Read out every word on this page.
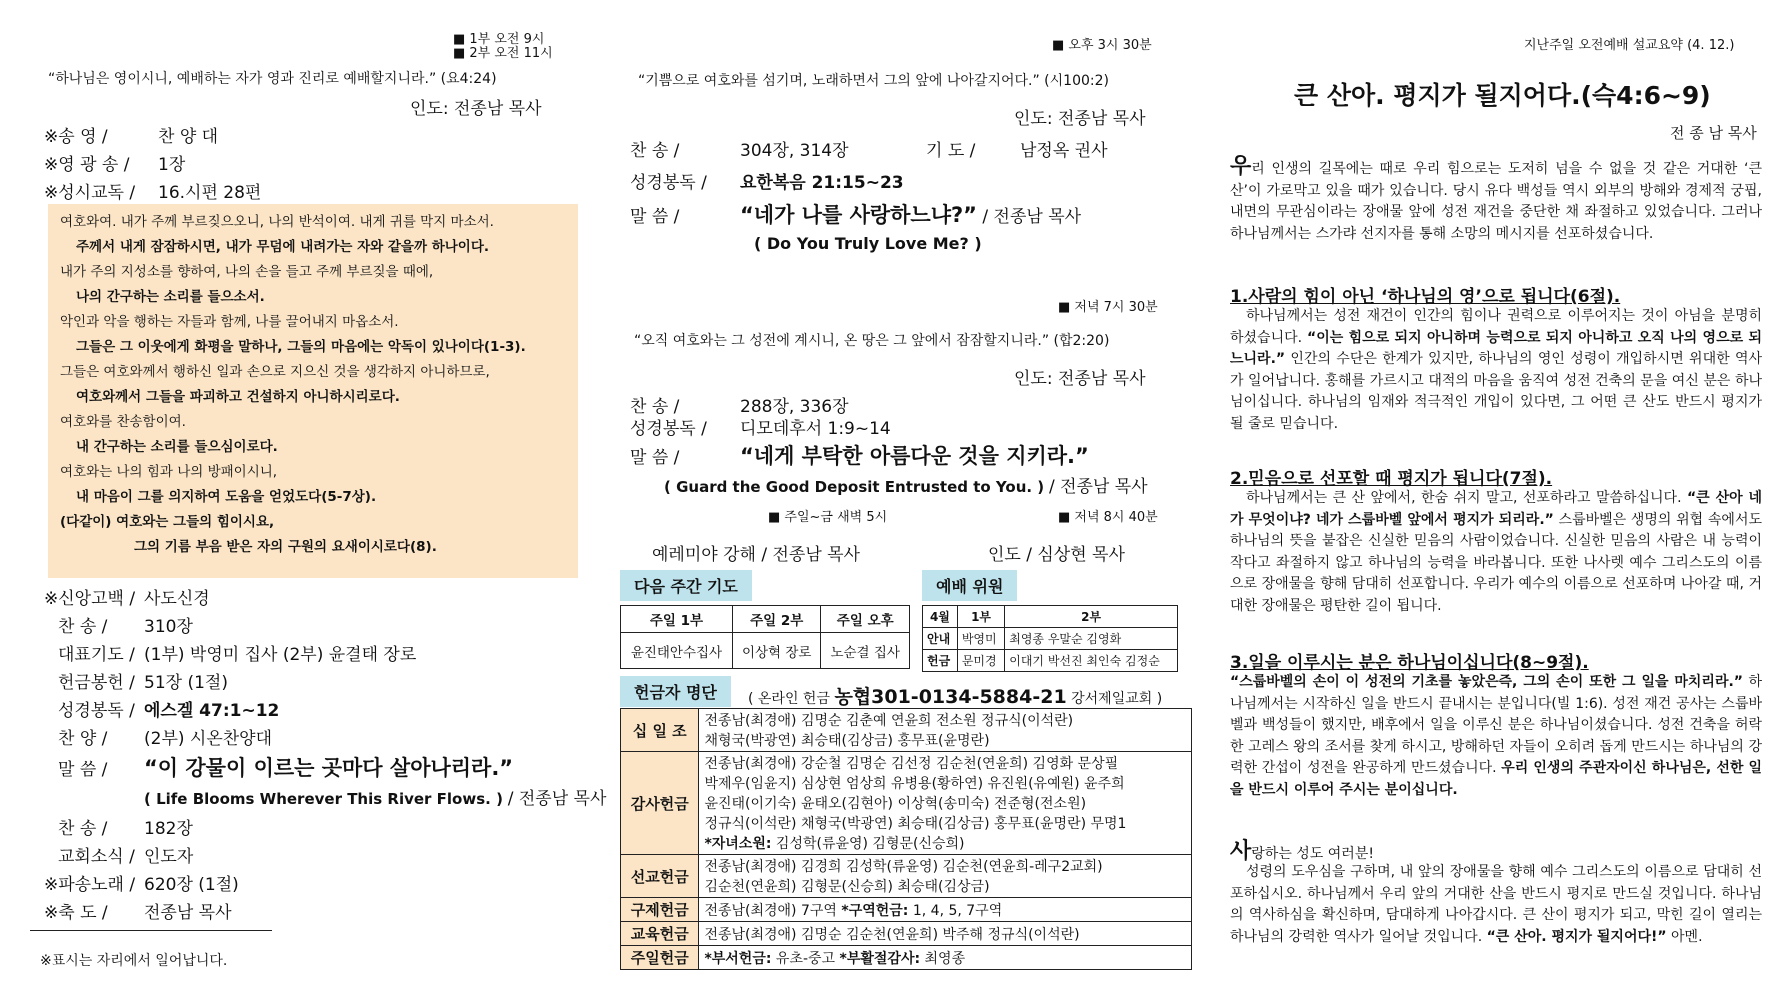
■ 1부 오전 9시
■ 2부 오전 11시
“하나님은 영이시니, 예배하는 자가 영과 진리로 예배할지니라.” (요4:24)
인도: 전종남 목사
※송 영 /	찬 양 대
※영 광 송 / 1장
※성시교독 / 16.시편 28편
여호와여. 내가 주께 부르짖으오니, 나의 반석이여. 내게 귀를 막지 마소서.
주께서 내게 잠잠하시면, 내가 무덤에 내려가는 자와 같을까 하나이다.
내가 주의 지성소를 향하여, 나의 손을 들고 주께 부르짖을 때에,
나의 간구하는 소리를 들으소서.
악인과 악을 행하는 자들과 함께, 나를 끌어내지 마옵소서.
그들은 그 이웃에게 화평을 말하나, 그들의 마음에는 악독이 있나이다(1-3).
그들은 여호와께서 행하신 일과 손으로 지으신 것을 생각하지 아니하므로,
여호와께서 그들을 파괴하고 건설하지 아니하시리로다.
여호와를 찬송함이여.
내 간구하는 소리를 들으심이로다.
여호와는 나의 힘과 나의 방패이시니,
내 마음이 그를 의지하여 도움을 얻었도다(5-7상).
(다같이) 여호와는 그들의 힘이시요,
그의 기름 부음 받은 자의 구원의 요새이시로다(8).
※신앙고백 / 사도신경
찬 송 / 310장
대표기도 / (1부) 박영미 집사 (2부) 윤결태 장로
헌금봉헌 / 51장 (1절)
성경봉독 / 에스겔 47:1~12
찬 양 / (2부) 시온찬양대
말 씀 / “이 강물이 이르는 곳마다 살아나리라.”
( Life Blooms Wherever This River Flows. ) / 전종남 목사
찬 송 / 182장
교회소식 / 인도자
※파송노래 / 620장 (1절)
※축 도 / 전종남 목사
※표시는 자리에서 일어납니다.
■ 오후 3시 30분
“기쁨으로 여호와를 섬기며, 노래하면서 그의 앞에 나아갈지어다.” (시100:2)
인도: 전종남 목사
찬 송 /	304장, 314장	기 도 /	남정옥 권사
성경봉독 / 요한복음 21:15~23
말 씀 /	“네가 나를 사랑하느냐?” / 전종남 목사
( Do You Truly Love Me? )
■ 저녁 7시 30분
“오직 여호와는 그 성전에 계시니, 온 땅은 그 앞에서 잠잠할지니라.” (합2:20)
인도: 전종남 목사
찬 송 /	288장, 336장
성경봉독 / 디모데후서 1:9~14
말 씀 /	“네게 부탁한 아름다운 것을 지키라.”
( Guard the Good Deposit Entrusted to You. ) / 전종남 목사
■ 주일~금 새벽 5시	■ 저녁 8시 40분
예레미야 강해 / 전종남 목사	인도 / 심상현 목사
다음 주간 기도	예배 위원
주일 1부	주일 2부	주일 오후
윤진태안수집사	이상혁 장로	노순결 집사
4월	1부	2부
안내	박영미	최영종 우말순 김영화
헌금	문미경	이대기 박선진 최인숙 김정순
헌금자 명단	( 온라인 헌금 농협301-0134-5884-21 강서제일교회 )
십 일 조	전종남(최경애) 김명순 김춘예 연윤희 전소원 정규식(이석란)
채형국(박광연) 최승태(김상금) 홍무표(윤명란)

감사헌금	전종남(최경애) 강순철 김명순 김선정 김순천(연윤희) 김영화 문상필
박제우(임윤지) 심상현 엄상희 유병용(황하연) 유진원(유예원) 윤주희
윤진태(이기숙) 윤태오(김현아) 이상혁(송미숙) 전준형(전소원)
정규식(이석란) 채형국(박광연) 최승태(김상금) 홍무표(윤명란) 무명1
*자녀소원: 김성학(류윤영) 김형문(신승희)

선교헌금	전종남(최경애) 김경희 김성학(류윤영) 김순천(연윤희-레구2교회)
김순천(연윤희) 김형문(신승희) 최승태(김상금)

구제헌금	전종남(최경애) 7구역 *구역헌금: 1, 4, 5, 7구역
교육헌금	전종남(최경애) 김명순 김순천(연윤희) 박주해 정규식(이석란)
주일헌금	*부서헌금: 유초-중고 *부활절감사: 최영종
지난주일 오전예배 설교요약 (4. 12.)
큰 산아. 평지가 될지어다.(슥4:6~9)
전 종 남 목사
우리 인생의 길목에는 때로 우리 힘으로는 도저히 넘을 수 없을 것 같은 거대한 ‘큰 산’이 가로막고 있을 때가 있습니다. 당시 유다 백성들 역시 외부의 방해와 경제적 궁핍, 내면의 무관심이라는 장애물 앞에 성전 재건을 중단한 채 좌절하고 있었습니다. 그러나 하나님께서는 스가랴 선지자를 통해 소망의 메시지를 선포하셨습니다.
1.사람의 힘이 아닌 ‘하나님의 영’으로 됩니다(6절).
하나님께서는 성전 재건이 인간의 힘이나 권력으로 이루어지는 것이 아님을 분명히 하셨습니다. “이는 힘으로 되지 아니하며 능력으로 되지 아니하고 오직 나의 영으로 되느니라.” 인간의 수단은 한계가 있지만, 하나님의 영인 성령이 개입하시면 위대한 역사가 일어납니다. 홍해를 가르시고 대적의 마음을 움직여 성전 건축의 문을 여신 분은 하나님이십니다. 하나님의 임재와 적극적인 개입이 있다면, 그 어떤 큰 산도 반드시 평지가 될 줄로 믿습니다.
2.믿음으로 선포할 때 평지가 됩니다(7절).
하나님께서는 큰 산 앞에서, 한숨 쉬지 말고, 선포하라고 말씀하십니다. “큰 산아 네가 무엇이냐? 네가 스룹바벨 앞에서 평지가 되리라.” 스룹바벨은 생명의 위협 속에서도 하나님의 뜻을 붙잡은 신실한 믿음의 사람이었습니다. 신실한 믿음의 사람은 내 능력이 작다고 좌절하지 않고 하나님의 능력을 바라봅니다. 또한 나사렛 예수 그리스도의 이름으로 장애물을 향해 담대히 선포합니다. 우리가 예수의 이름으로 선포하며 나아갈 때, 거대한 장애물은 평탄한 길이 됩니다.
3.일을 이루시는 분은 하나님이십니다(8~9절).
“스룹바벨의 손이 이 성전의 기초를 놓았은즉, 그의 손이 또한 그 일을 마치리라.” 하나님께서는 시작하신 일을 반드시 끝내시는 분입니다(빌 1:6). 성전 재건 공사는 스룹바벨과 백성들이 했지만, 배후에서 일을 이루신 분은 하나님이셨습니다. 성전 건축을 허락한 고레스 왕의 조서를 찾게 하시고, 방해하던 자들이 오히려 돕게 만드시는 하나님의 강력한 간섭이 성전을 완공하게 만드셨습니다. 우리 인생의 주관자이신 하나님은, 선한 일을 반드시 이루어 주시는 분이십니다.
사랑하는 성도 여러분!
성령의 도우심을 구하며, 내 앞의 장애물을 향해 예수 그리스도의 이름으로 담대히 선포하십시오. 하나님께서 우리 앞의 거대한 산을 반드시 평지로 만드실 것입니다. 하나님의 역사하심을 확신하며, 담대하게 나아갑시다. 큰 산이 평지가 되고, 막힌 길이 열리는 하나님의 강력한 역사가 일어날 것입니다. “큰 산아. 평지가 될지어다!” 아멘.
